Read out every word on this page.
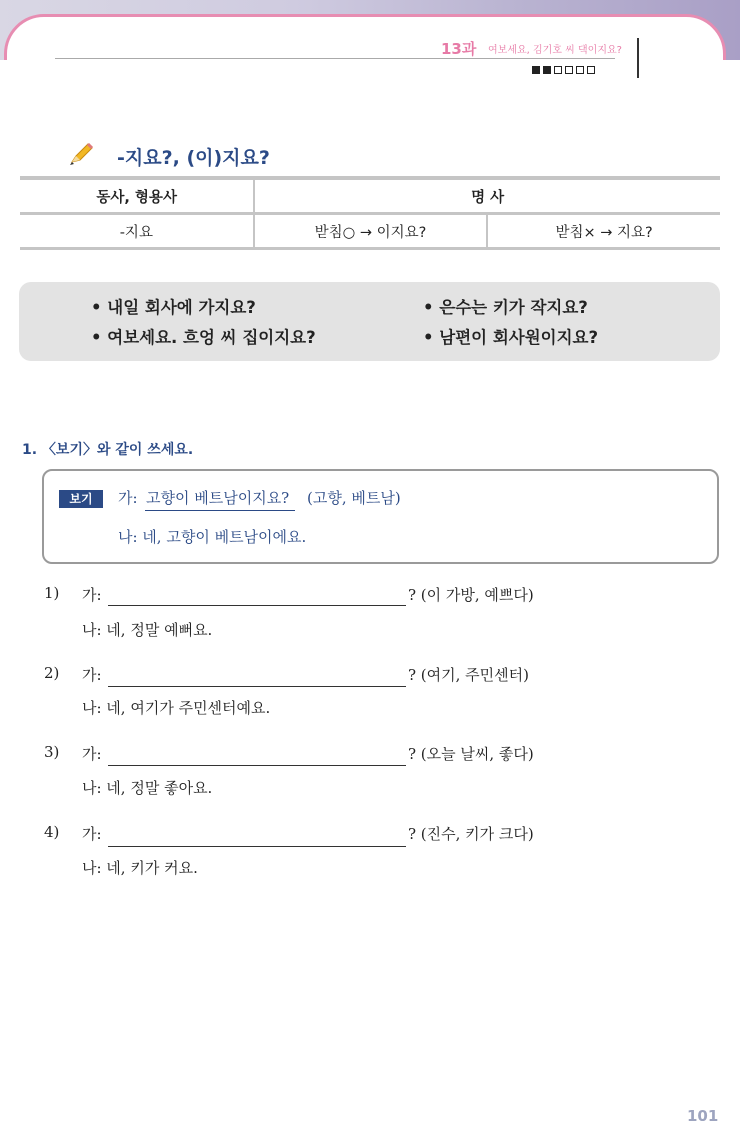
13과 여보세요, 김기호 씨 댁이지요?
-지요?, (이)지요?
동사, 형용사	명 사
-지요	받침○ → 이지요?	받침× → 지요?
• 내일 회사에 가지요?	• 은수는 키가 작지요?
• 여보세요. 흐엉 씨 집이지요?	• 남편이 회사원이지요?
1. 〈보기〉와 같이 쓰세요.
보기	가: 고향이 베트남이지요? (고향, 베트남)
나: 네, 고향이 베트남이에요.
1) 가:	? (이 가방, 예쁘다)
나: 네, 정말 예뻐요.
2) 가:	? (여기, 주민센터)
나: 네, 여기가 주민센터예요.
3) 가:	? (오늘 날씨, 좋다)
나: 네, 정말 좋아요.
4) 가:	? (진수, 키가 크다)
나: 네, 키가 커요.
101
